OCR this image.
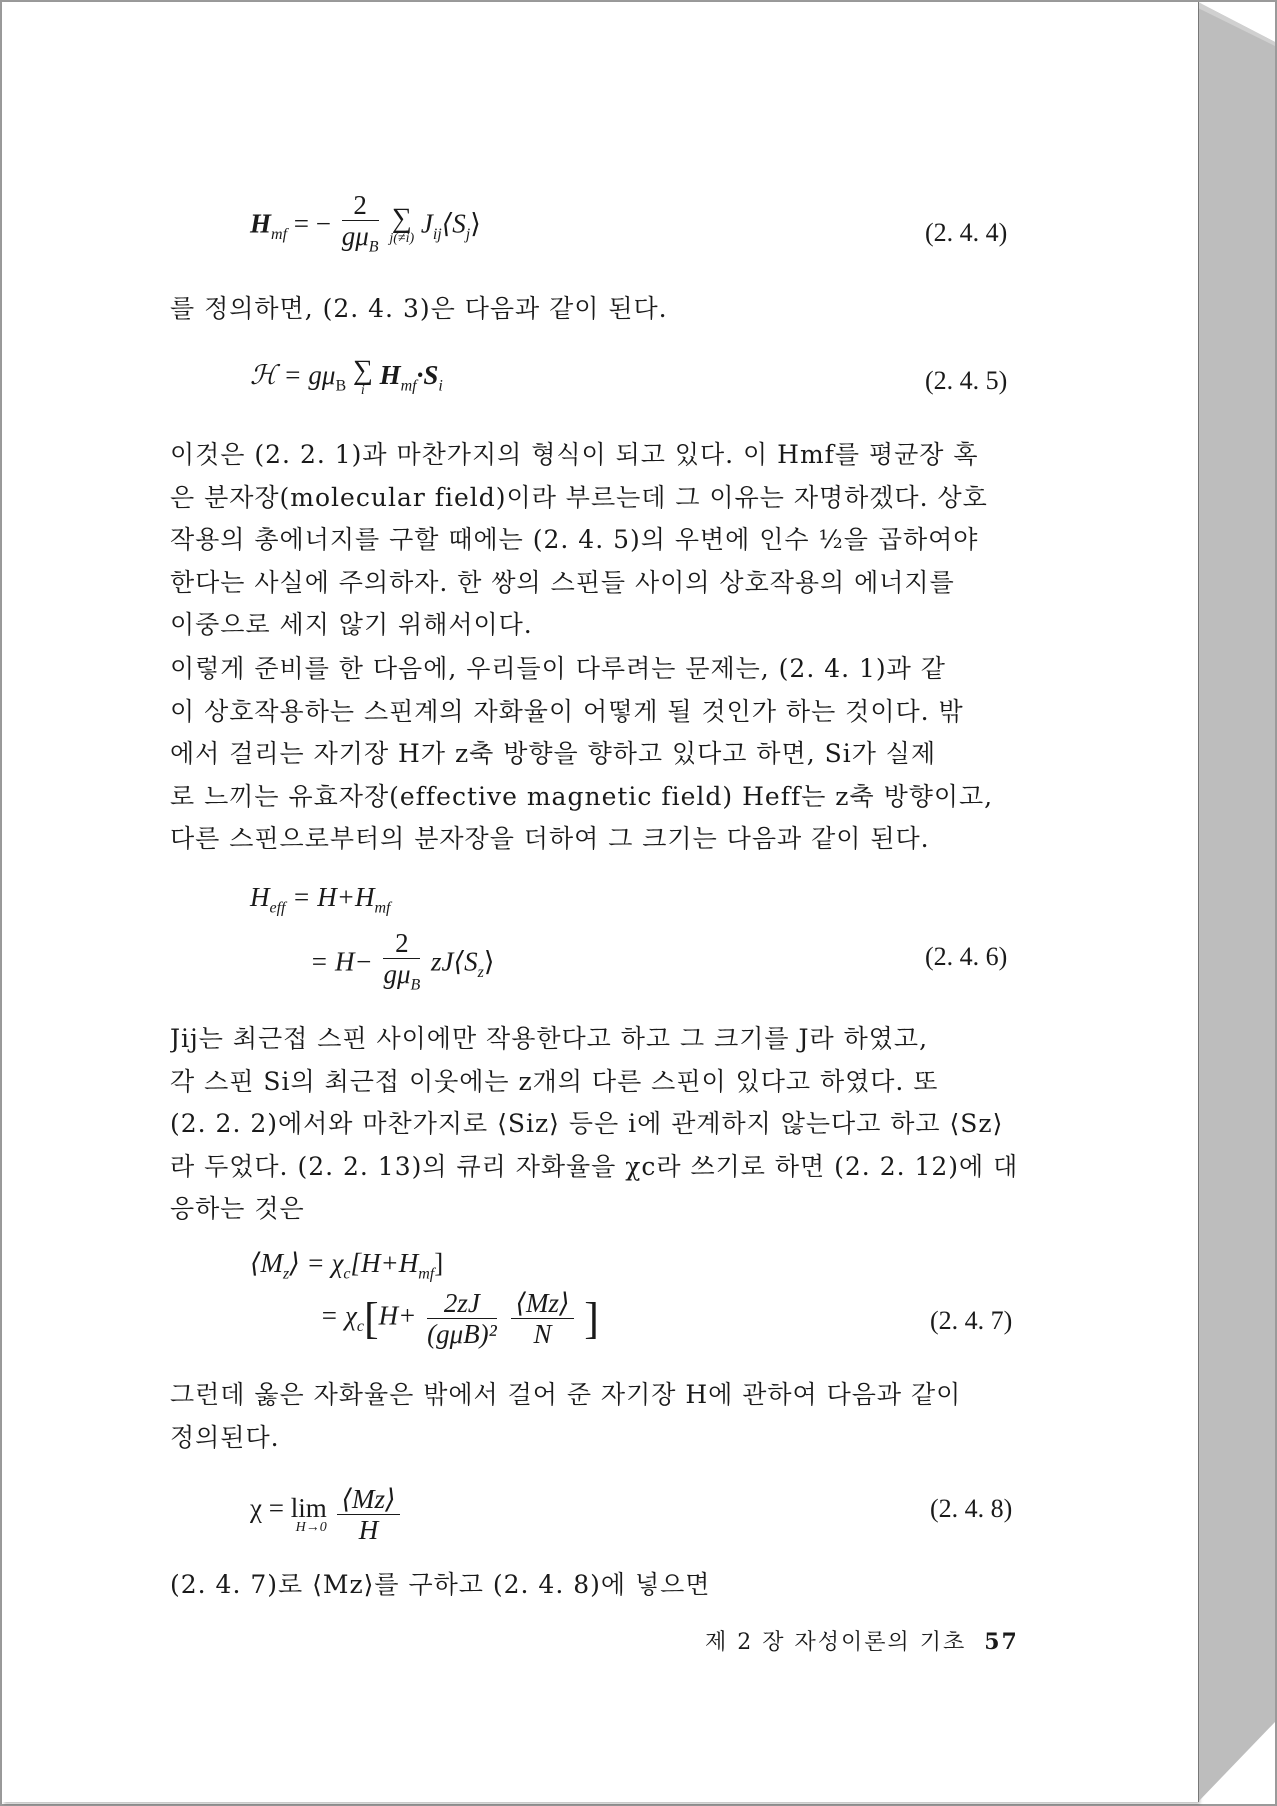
$H_{mf}$ = − $\frac{2}{g\mu_B}$
∑
j(≠i)
$J_{ij}⟨S_j⟩$	(2. 4. 4)
를 정의하면, (2. 4. 3)은 다음과 같이 된다.
ℋ = $g\mu_B$
∑
i
$H_{mf}\cdot S_i$	(2. 4. 5)
이것은 (2. 2. 1)과 마찬가지의 형식이 되고 있다. 이 Hmf를 평균장 혹
은 분자장(molecular field)이라 부르는데 그 이유는 자명하겠다. 상호
작용의 총에너지를 구할 때에는 (2. 4. 5)의 우변에 인수 ½을 곱하여야
한다는 사실에 주의하자. 한 쌍의 스핀들 사이의 상호작용의 에너지를
이중으로 세지 않기 위해서이다.
이렇게 준비를 한 다음에, 우리들이 다루려는 문제는, (2. 4. 1)과 같
이 상호작용하는 스핀계의 자화율이 어떻게 될 것인가 하는 것이다. 밖
에서 걸리는 자기장 H가 z축 방향을 향하고 있다고 하면, Si가 실제
로 느끼는 유효자장(effective magnetic field) Heff는 z축 방향이고,
다른 스핀으로부터의 분자장을 더하여 그 크기는 다음과 같이 된다.
$H_{eff} = H+H_{mf}$
= $H- \frac{2}{g\mu_B}$ $zJ⟨S_z⟩$	(2. 4. 6)
Jij는 최근접 스핀 사이에만 작용한다고 하고 그 크기를 J라 하였고,
각 스핀 Si의 최근접 이웃에는 z개의 다른 스핀이 있다고 하였다. 또
(2. 2. 2)에서와 마찬가지로 ⟨Siz⟩ 등은 i에 관계하지 않는다고 하고 ⟨Sz⟩
라 두었다. (2. 2. 13)의 큐리 자화율을 χc라 쓰기로 하면 (2. 2. 12)에 대
응하는 것은
$⟨M_z⟩ = \chi_c[H+H_{mf}]$
= $\chi_c[H+ \frac{2zJ}{\text{(gμB)²}}$
$\frac{⟨Mz⟩}{N}$ ]	(2. 4. 7)
그런데 옳은 자화율은 밖에서 걸어 준 자기장 H에 관하여 다음과 같이
정의된다.
χ = lim
H→0
$\frac{⟨Mz⟩}{H}$	(2. 4. 8)
(2. 4. 7)로 ⟨Mz⟩를 구하고 (2. 4. 8)에 넣으면
제 2 장 자성이론의 기초 57
